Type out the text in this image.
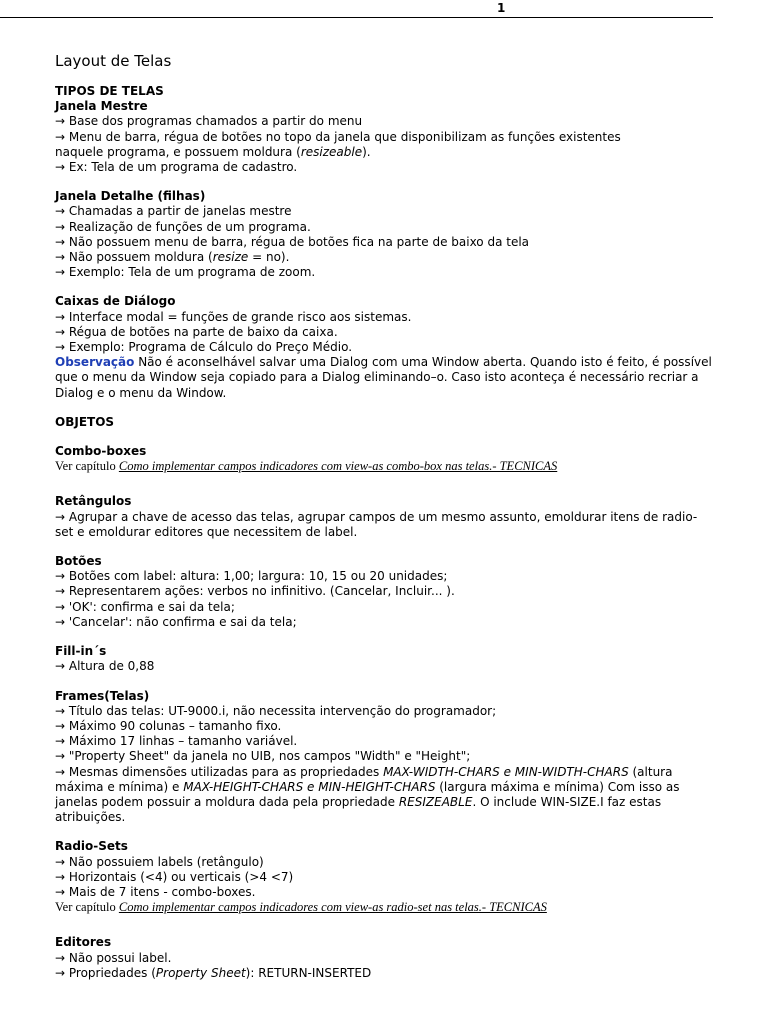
1
Layout de Telas
TIPOS DE TELAS
Janela Mestre
→ Base dos programas chamados a partir do menu
→ Menu de barra, régua de botões no topo da janela que disponibilizam as funções existentes
naquele programa, e possuem moldura (resizeable).
→ Ex: Tela de um programa de cadastro.
Janela Detalhe (filhas)
→ Chamadas a partir de janelas mestre
→ Realização de funções de um programa.
→ Não possuem menu de barra, régua de botões fica na parte de baixo da tela
→ Não possuem moldura (resize = no).
→ Exemplo: Tela de um programa de zoom.
Caixas de Diálogo
→ Interface modal = funções de grande risco aos sistemas.
→ Régua de botões na parte de baixo da caixa.
→ Exemplo: Programa de Cálculo do Preço Médio.
Observação Não é aconselhável salvar uma Dialog com uma Window aberta. Quando isto é feito, é possível que o menu da Window seja copiado para a Dialog eliminando–o. Caso isto aconteça é necessário recriar a Dialog e o menu da Window.
OBJETOS
Combo-boxes
Ver capítulo Como implementar campos indicadores com view-as combo-box nas telas.- TECNICAS
Retângulos
→ Agrupar a chave de acesso das telas, agrupar campos de um mesmo assunto, emoldurar itens de radio-set e emoldurar editores que necessitem de label.
Botões
→ Botões com label: altura: 1,00; largura: 10, 15 ou 20 unidades;
→ Representarem ações: verbos no infinitivo. (Cancelar, Incluir... ).
→ 'OK': confirma e sai da tela;
→ 'Cancelar': não confirma e sai da tela;
Fill-in´s
→ Altura de 0,88
Frames(Telas)
→ Título das telas: UT-9000.i, não necessita intervenção do programador;
→ Máximo 90 colunas – tamanho fixo.
→ Máximo 17 linhas – tamanho variável.
→ "Property Sheet" da janela no UIB, nos campos "Width" e "Height";
→ Mesmas dimensões utilizadas para as propriedades MAX-WIDTH-CHARS e MIN-WIDTH-CHARS (altura máxima e mínima) e MAX-HEIGHT-CHARS e MIN-HEIGHT-CHARS (largura máxima e mínima) Com isso as janelas podem possuir a moldura dada pela propriedade RESIZEABLE. O include WIN-SIZE.I faz estas atribuições.
Radio-Sets
→ Não possuiem labels (retângulo)
→ Horizontais (<4) ou verticais (>4 <7)
→ Mais de 7 itens - combo-boxes.
Ver capítulo Como implementar campos indicadores com view-as radio-set nas telas.- TECNICAS
Editores
→ Não possui label.
→ Propriedades (Property Sheet): RETURN-INSERTED
